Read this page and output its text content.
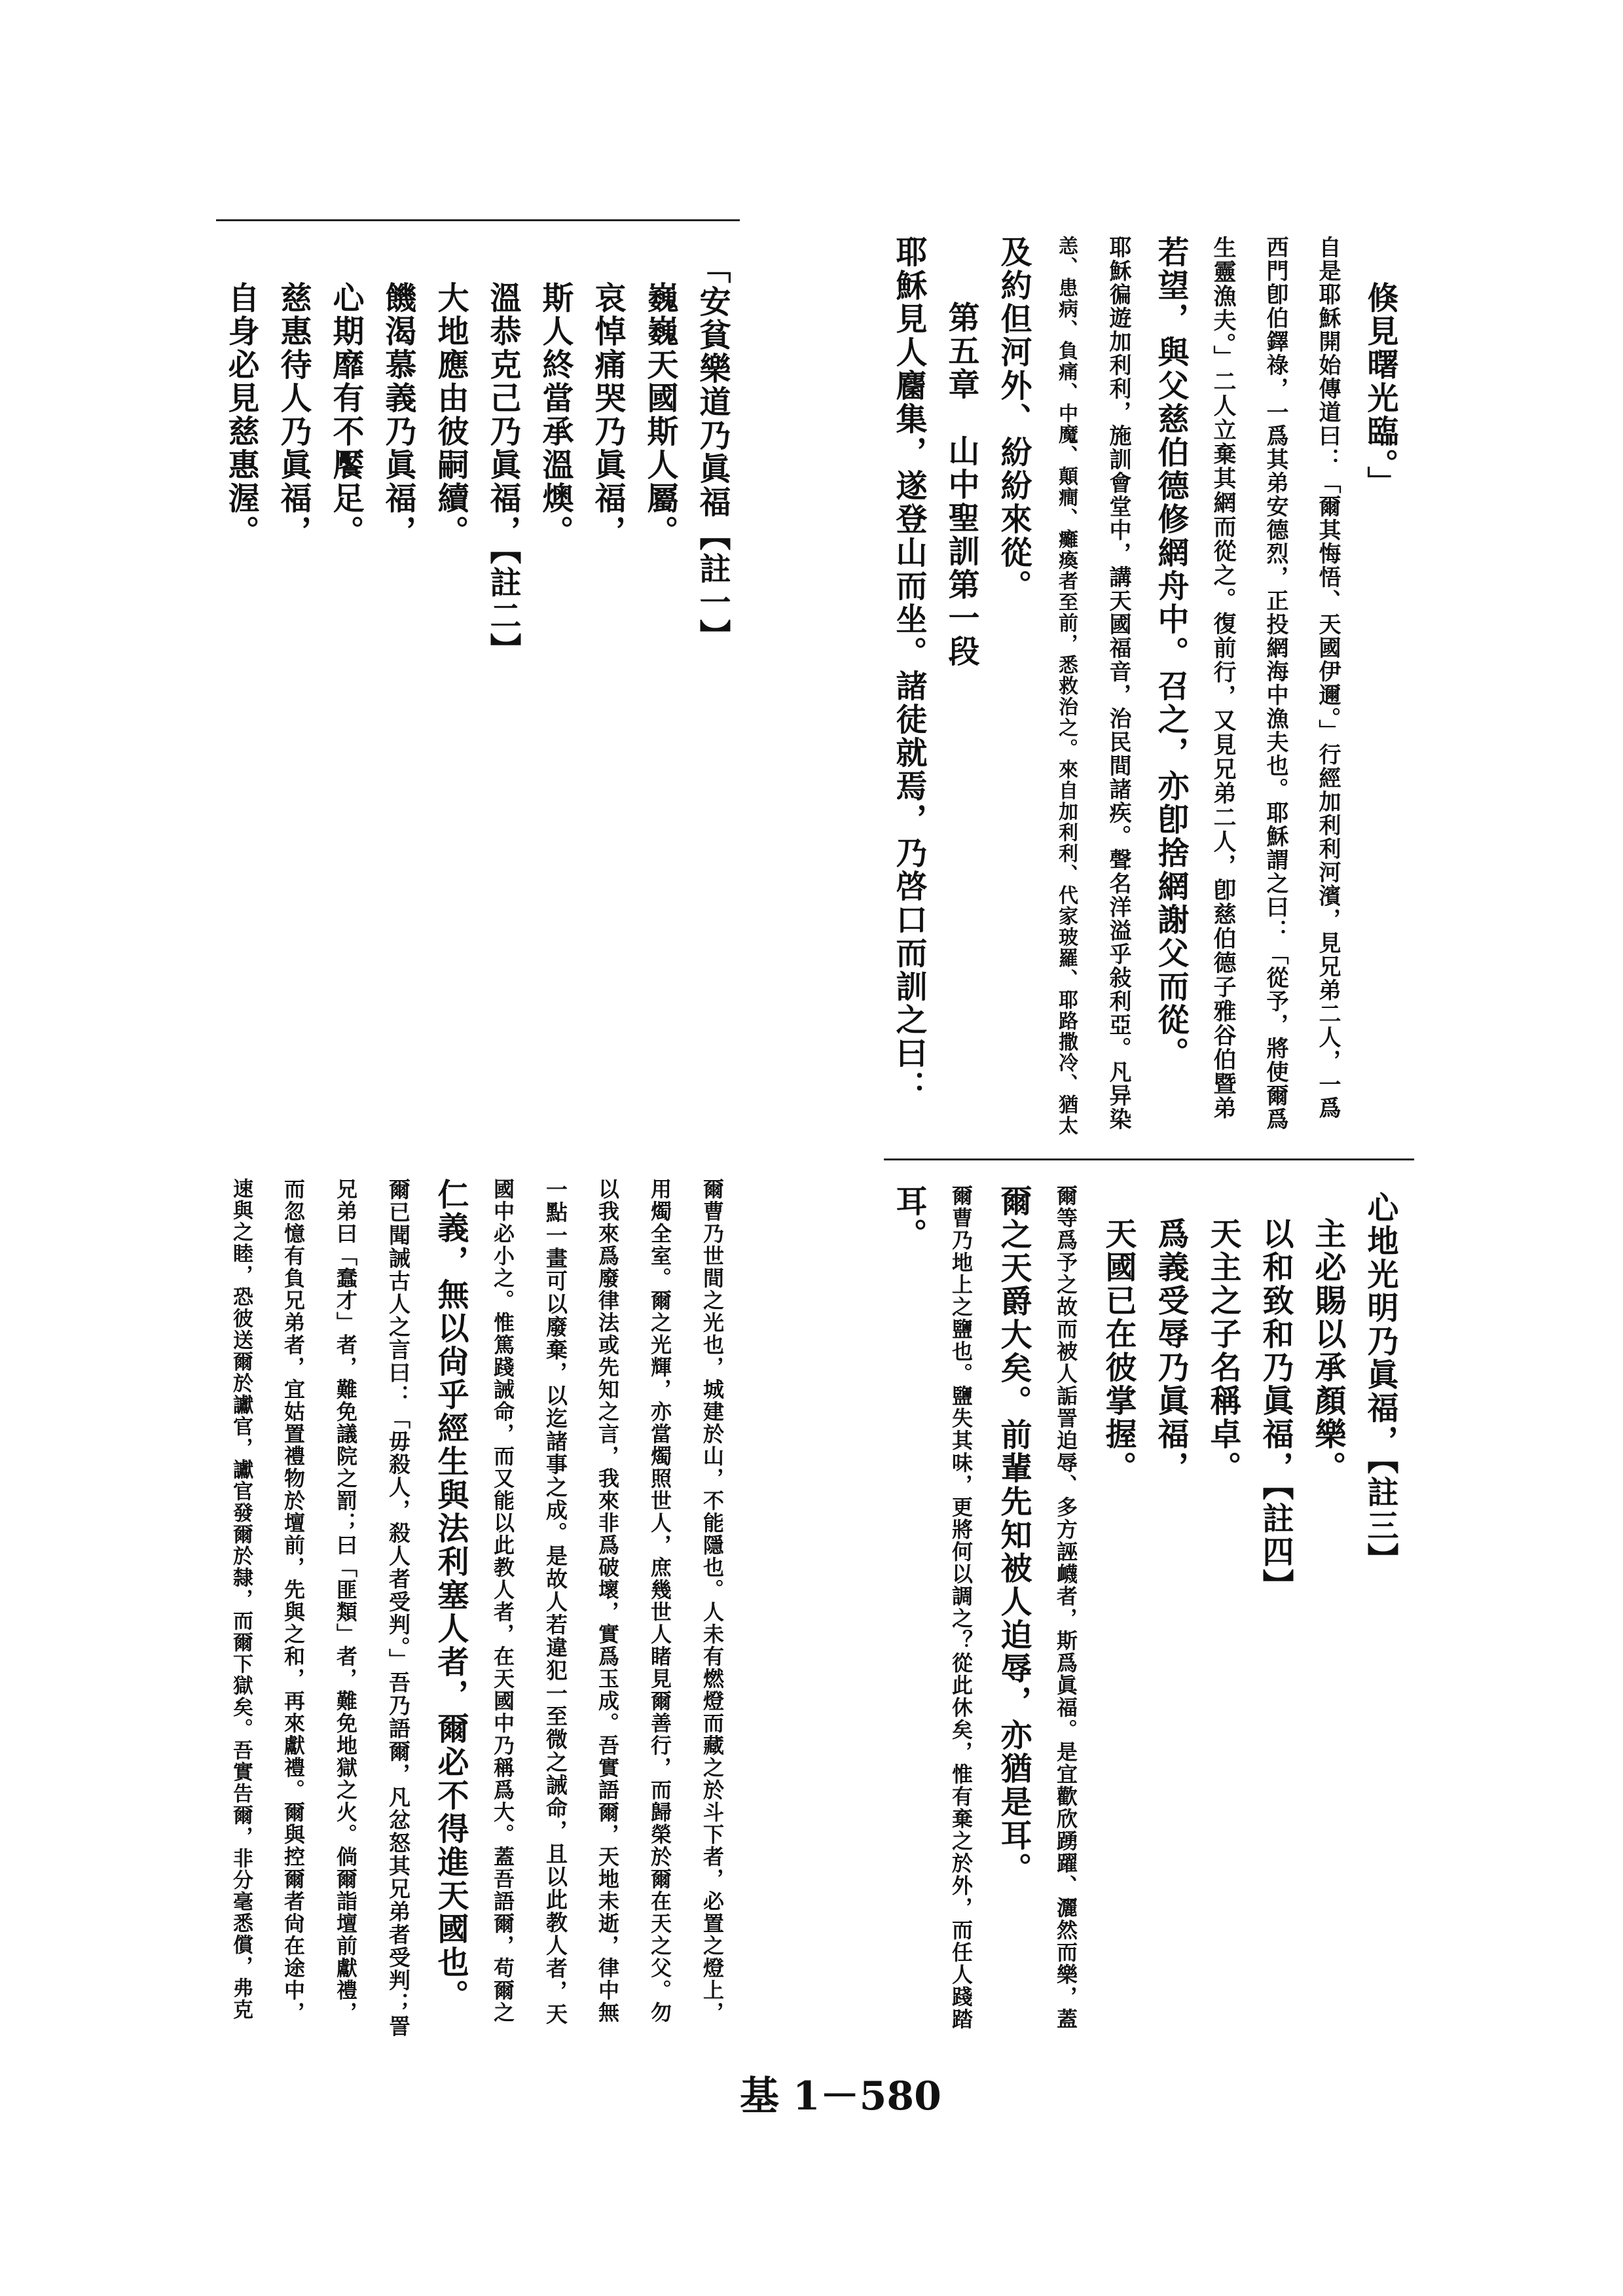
倏見曙光臨。」
自是耶穌開始傳道曰：「爾其悔悟、天國伊邇。」行經加利利河濱，見兄弟二人，一爲
西門卽伯鐸祿，一爲其弟安德烈，正投網海中漁夫也。耶穌謂之曰：「從予，將使爾爲
生靈漁夫。」二人立棄其網而從之。復前行，又見兄弟二人，卽慈伯德子雅谷伯暨弟
若望，與父慈伯德修網舟中。召之，亦卽捨網謝父而從。
耶穌徧遊加利利，施訓會堂中，講天國福音，治民間諸疾。聲名洋溢乎敍利亞。凡异染
恙、患病、負痛、中魔、顛癎、癱瘓者至前，悉救治之。來自加利利、代家玻羅、耶路撒冷、猶太
及約但河外、紛紛來從。
第五章　山中聖訓第一段
耶穌見人麕集，遂登山而坐。諸徒就焉，乃啓口而訓之曰：
「安貧樂道乃眞福【註一】
巍巍天國斯人屬。
哀悼痛哭乃眞福，
斯人終當承溫燠。
溫恭克己乃眞福，【註二】
大地應由彼嗣續。
饑渴慕義乃眞福，
心期靡有不饜足。
慈惠待人乃眞福，
自身必見慈惠渥。
心地光明乃眞福，【註三】
主必賜以承顏樂。
以和致和乃眞福，【註四】
天主之子名稱卓。
爲義受辱乃眞福，
天國已在彼掌握。
爾等爲予之故而被人詬詈迫辱、多方誣衊者，斯爲眞福。是宜歡欣踴躍、灑然而樂，蓋
爾之天爵大矣。前輩先知被人迫辱，亦猶是耳。
爾曹乃地上之鹽也。鹽失其味，更將何以調之？從此休矣，惟有棄之於外，而任人踐踏
耳。
爾曹乃世間之光也，城建於山，不能隱也。人未有燃燈而藏之於斗下者，必置之燈上，
用燭全室。爾之光輝，亦當燭照世人，庶幾世人睹見爾善行，而歸榮於爾在天之父。勿
以我來爲廢律法或先知之言，我來非爲破壞，實爲玉成。吾實語爾，天地未逝，律中無
一點一畫可以廢棄，以迄諸事之成。是故人若違犯一至微之誡命，且以此教人者，天
國中必小之。惟篤踐誡命，而又能以此教人者，在天國中乃稱爲大。蓋吾語爾，苟爾之
仁義，無以尙乎經生與法利塞人者，爾必不得進天國也。
爾已聞誡古人之言曰：「毋殺人，殺人者受判。」吾乃語爾，凡忿怒其兄弟者受判；詈
兄弟曰「蠢才」者，難免議院之罰；曰「匪類」者，難免地獄之火。倘爾詣壇前獻禮，
而忽憶有負兄弟者，宜姑置禮物於壇前，先與之和，再來獻禮。爾與控爾者尙在途中，
速與之睦，恐彼送爾於讞官，讞官發爾於隸，而爾下獄矣。吾實告爾，非分毫悉償，弗克
基 1－580
